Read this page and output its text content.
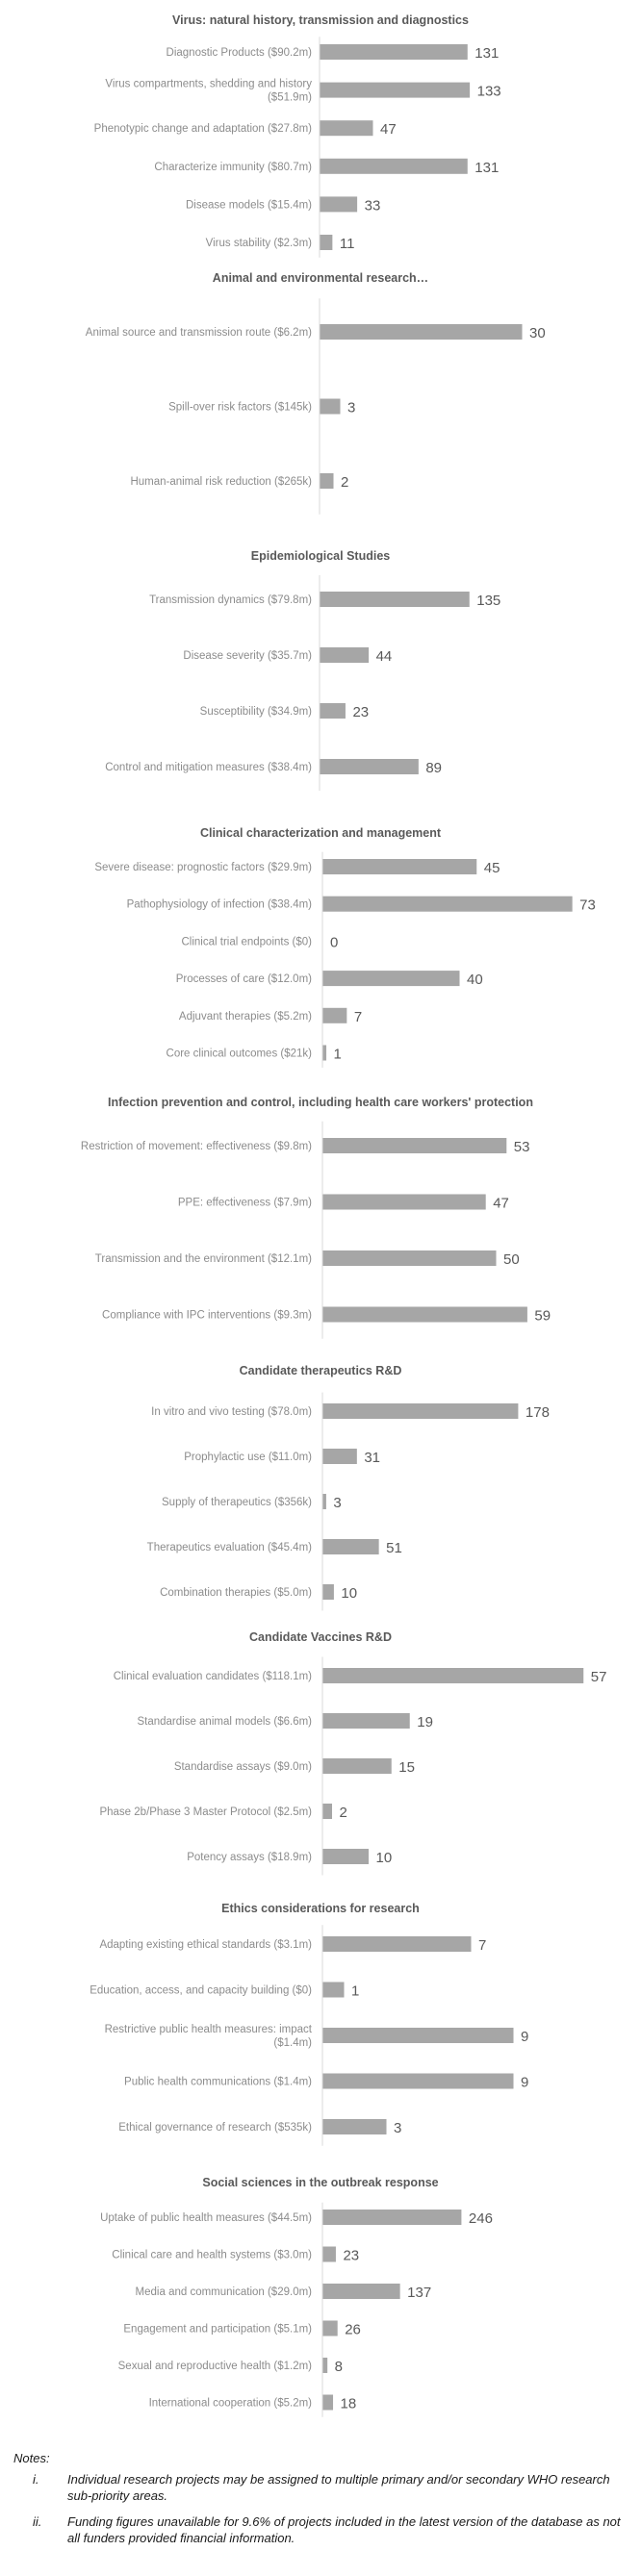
Virus: natural history, transmission and diagnostics
Diagnostic Products ($90.2m)	131
Virus compartments, shedding and history ($51.9m)	133
Phenotypic change and adaptation ($27.8m)	47
Characterize immunity ($80.7m)	131
Disease models ($15.4m)	33
Virus stability ($2.3m) 11
Animal and environmental research…
Animal source and transmission route ($6.2m)	30
Spill-over risk factors ($145k) 3
Human-animal risk reduction ($265k) 2
Epidemiological Studies
Transmission dynamics ($79.8m)	135
Disease severity ($35.7m)	44
Susceptibility ($34.9m)	23
Control and mitigation measures ($38.4m)	89
Clinical characterization and management
Severe disease: prognostic factors ($29.9m)	45
Pathophysiology of infection ($38.4m)	73
Clinical trial endpoints ($0) 0
Processes of care ($12.0m)	40
Adjuvant therapies ($5.2m)	7
Core clinical outcomes ($21k) 1
Infection prevention and control, including health care workers' protection
Restriction of movement: effectiveness ($9.8m)	53
PPE: effectiveness ($7.9m)	47
Transmission and the environment ($12.1m)	50
Compliance with IPC interventions ($9.3m)	59
Candidate therapeutics R&D
In vitro and vivo testing ($78.0m)	178
Prophylactic use ($11.0m)	31
Supply of therapeutics ($356k) 3
Therapeutics evaluation ($45.4m)	51
Combination therapies ($5.0m) 10
Candidate Vaccines R&D
Clinical evaluation candidates ($118.1m)	57
Standardise animal models ($6.6m)	19
Standardise assays ($9.0m)	15
Phase 2b/Phase 3 Master Protocol ($2.5m) 2
Potency assays ($18.9m)	10
Ethics considerations for research
Adapting existing ethical standards ($3.1m)	7
Education, access, and capacity building ($0)	1
Restrictive public health measures: impact ($1.4m)	9
Public health communications ($1.4m)	9
Ethical governance of research ($535k)	3
Social sciences in the outbreak response
Uptake of public health measures ($44.5m)	246
Clinical care and health systems ($3.0m) 23
Media and communication ($29.0m)	137
Engagement and participation ($5.1m) 26
Sexual and reproductive health ($1.2m) 8
International cooperation ($5.2m) 18
Notes:
i. Individual research projects may be assigned to multiple primary and/or secondary WHO research sub-priority areas.
ii. Funding figures unavailable for 9.6% of projects included in the latest version of the database as not all funders provided financial information.
